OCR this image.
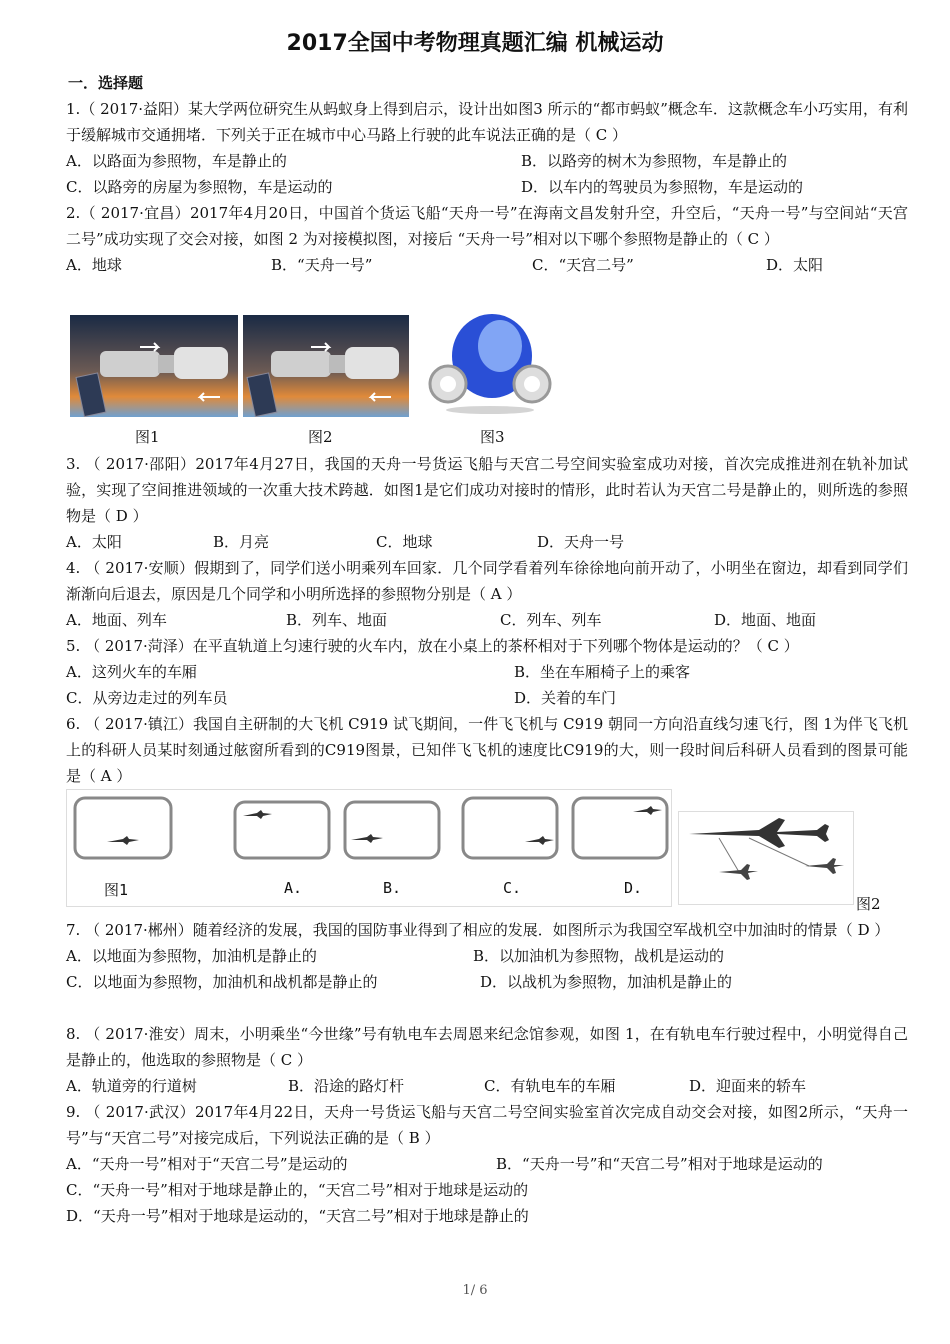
2017全国中考物理真题汇编 机械运动
一．选择题
1.（ 2017·益阳）某大学两位研究生从蚂蚁身上得到启示，设计出如图3 所示的“都市蚂蚁”概念车．这款概念车小巧实用，有利于缓解城市交通拥堵．下列关于正在城市中心马路上行驶的此车说法正确的是（ C ）
A．以路面为参照物，车是静止的	B．以路旁的树木为参照物，车是静止的
C．以路旁的房屋为参照物，车是运动的	D．以车内的驾驶员为参照物，车是运动的
2.（ 2017·宜昌）2017年4月20日，中国首个货运飞船“天舟一号”在海南文昌发射升空，升空后，“天舟一号”与空间站“天宫二号”成功实现了交会对接，如图 2 为对接模拟图，对接后 “天舟一号”相对以下哪个参照物是静止的（ C ）
A．地球	B．“天舟一号”	C．“天宫二号”	D．太阳
图1	图2	图3
3. （ 2017·邵阳）2017年4月27日，我国的天舟一号货运飞船与天宫二号空间实验室成功对接，首次完成推进剂在轨补加试验，实现了空间推进领域的一次重大技术跨越．如图1是它们成功对接时的情形，此时若认为天宫二号是静止的，则所选的参照物是（ D ）
A．太阳	B．月亮	C．地球	D．天舟一号
4. （ 2017·安顺）假期到了，同学们送小明乘列车回家．几个同学看着列车徐徐地向前开动了，小明坐在窗边，却看到同学们渐渐向后退去，原因是几个同学和小明所选择的参照物分别是（ A ）
A．地面、列车	B．列车、地面	C．列车、列车	D．地面、地面
5. （ 2017·菏泽）在平直轨道上匀速行驶的火车内，放在小桌上的茶杯相对于下列哪个物体是运动的？（ C ）
A．这列火车的车厢	B．坐在车厢椅子上的乘客
C．从旁边走过的列车员	D．关着的车门
6. （ 2017·镇江）我国自主研制的大飞机 C919 试飞期间，一件飞飞机与 C919 朝同一方向沿直线匀速飞行，图 1为伴飞飞机上的科研人员某时刻通过舷窗所看到的C919图景，已知伴飞飞机的速度比C919的大，则一段时间后科研人员看到的图景可能是（ A ）
图1	A.	B.	C.	D.
图2
7. （ 2017·郴州）随着经济的发展，我国的国防事业得到了相应的发展．如图所示为我国空军战机空中加油时的情景（ D ）
A．以地面为参照物，加油机是静止的	B．以加油机为参照物，战机是运动的
C．以地面为参照物，加油机和战机都是静止的	D．以战机为参照物，加油机是静止的
8. （ 2017·淮安）周末，小明乘坐“今世缘”号有轨电车去周恩来纪念馆参观，如图 1，在有轨电车行驶过程中，小明觉得自己是静止的，他选取的参照物是（ C ）
A．轨道旁的行道树	B．沿途的路灯杆	C．有轨电车的车厢	D．迎面来的轿车
9. （ 2017·武汉）2017年4月22日，天舟一号货运飞船与天宫二号空间实验室首次完成自动交会对接，如图2所示，“天舟一号”与“天宫二号”对接完成后，下列说法正确的是（ B ）
A．“天舟一号”相对于“天宫二号”是运动的	B．“天舟一号”和“天宫二号”相对于地球是运动的
C．“天舟一号”相对于地球是静止的，“天宫二号”相对于地球是运动的
D．“天舟一号”相对于地球是运动的，“天宫二号”相对于地球是静止的
1/ 6
